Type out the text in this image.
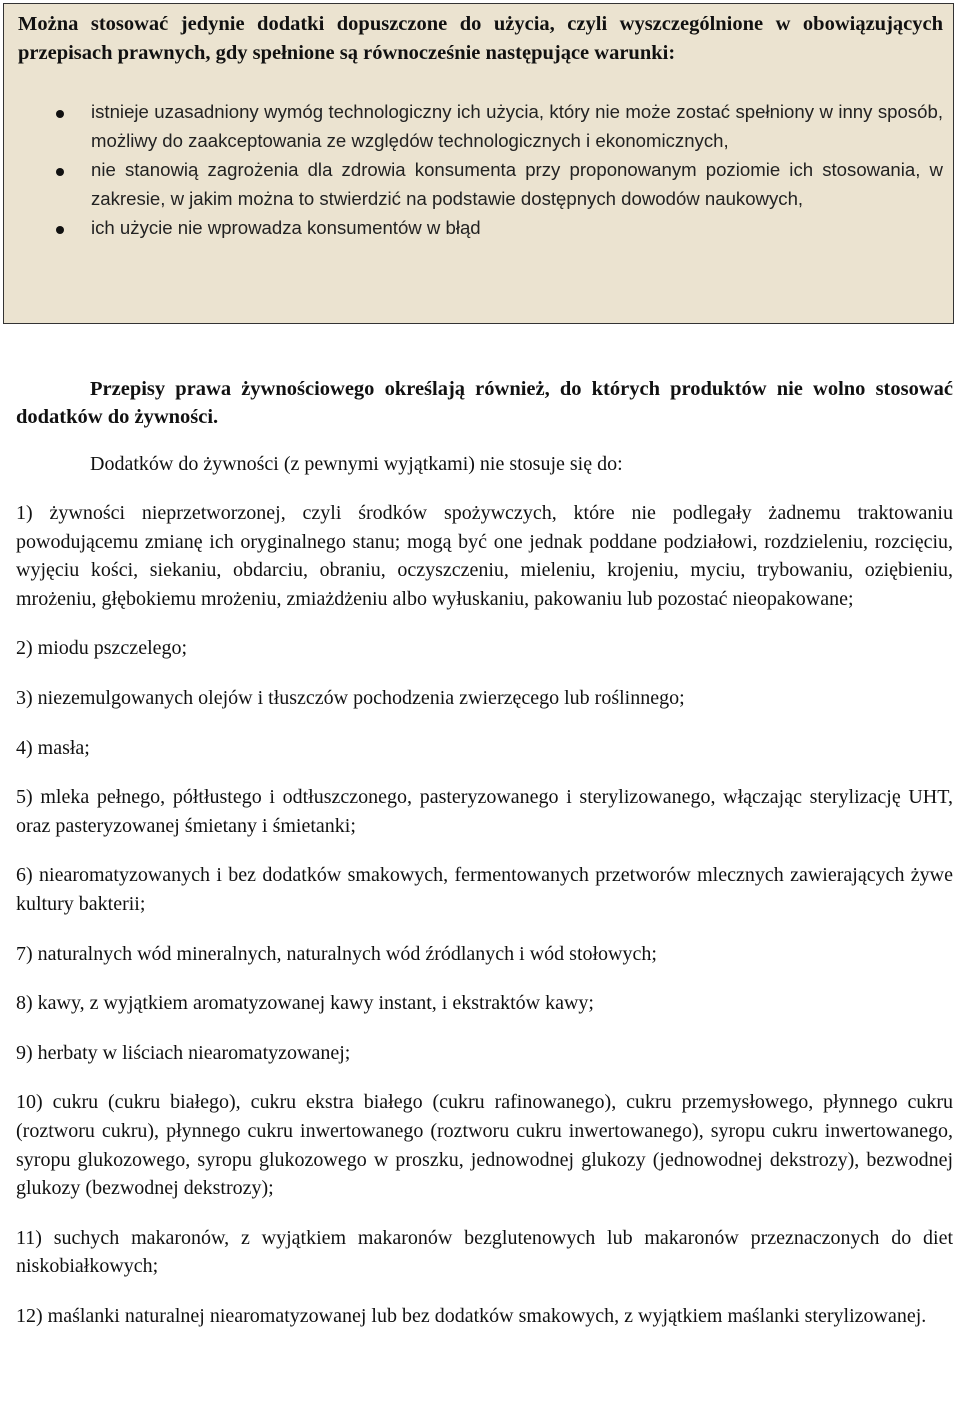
Można stosować jedynie dodatki dopuszczone do użycia, czyli wyszczególnione w obowiązujących przepisach prawnych, gdy spełnione są równocześnie następujące warunki:

istnieje uzasadniony wymóg technologiczny ich użycia, który nie może zostać spełniony w inny sposób, możliwy do zaakceptowania ze względów technologicznych i ekonomicznych,
nie stanowią zagrożenia dla zdrowia konsumenta przy proponowanym poziomie ich stosowania, w zakresie, w jakim można to stwierdzić na podstawie dostępnych dowodów naukowych,
ich użycie nie wprowadza konsumentów w błąd

Przepisy prawa żywnościowego określają również, do których produktów nie wolno stosować dodatków do żywności.

Dodatków do żywności (z pewnymi wyjątkami) nie stosuje się do:

1) żywności nieprzetworzonej, czyli środków spożywczych, które nie podlegały żadnemu traktowaniu powodującemu zmianę ich oryginalnego stanu; mogą być one jednak poddane podziałowi, rozdzieleniu, rozcięciu, wyjęciu kości, siekaniu, obdarciu, obraniu, oczyszczeniu, mieleniu, krojeniu, myciu, trybowaniu, oziębieniu, mrożeniu, głębokiemu mrożeniu, zmiażdżeniu albo wyłuskaniu, pakowaniu lub pozostać nieopakowane;

2) miodu pszczelego;

3) niezemulgowanych olejów i tłuszczów pochodzenia zwierzęcego lub roślinnego;

4) masła;

5) mleka pełnego, półtłustego i odtłuszczonego, pasteryzowanego i sterylizowanego, włączając sterylizację UHT, oraz pasteryzowanej śmietany i śmietanki;

6) niearomatyzowanych i bez dodatków smakowych, fermentowanych przetworów mlecznych zawierających żywe kultury bakterii;

7) naturalnych wód mineralnych, naturalnych wód źródlanych i wód stołowych;

8) kawy, z wyjątkiem aromatyzowanej kawy instant, i ekstraktów kawy;

9) herbaty w liściach niearomatyzowanej;

10) cukru (cukru białego), cukru ekstra białego (cukru rafinowanego), cukru przemysłowego, płynnego cukru (roztworu cukru), płynnego cukru inwertowanego (roztworu cukru inwertowanego), syropu cukru inwertowanego, syropu glukozowego, syropu glukozowego w proszku, jednowodnej glukozy (jednowodnej dekstrozy), bezwodnej glukozy (bezwodnej dekstrozy);

11) suchych makaronów, z wyjątkiem makaronów bezglutenowych lub makaronów przeznaczonych do diet niskobiałkowych;

12) maślanki naturalnej niearomatyzowanej lub bez dodatków smakowych, z wyjątkiem maślanki sterylizowanej.
